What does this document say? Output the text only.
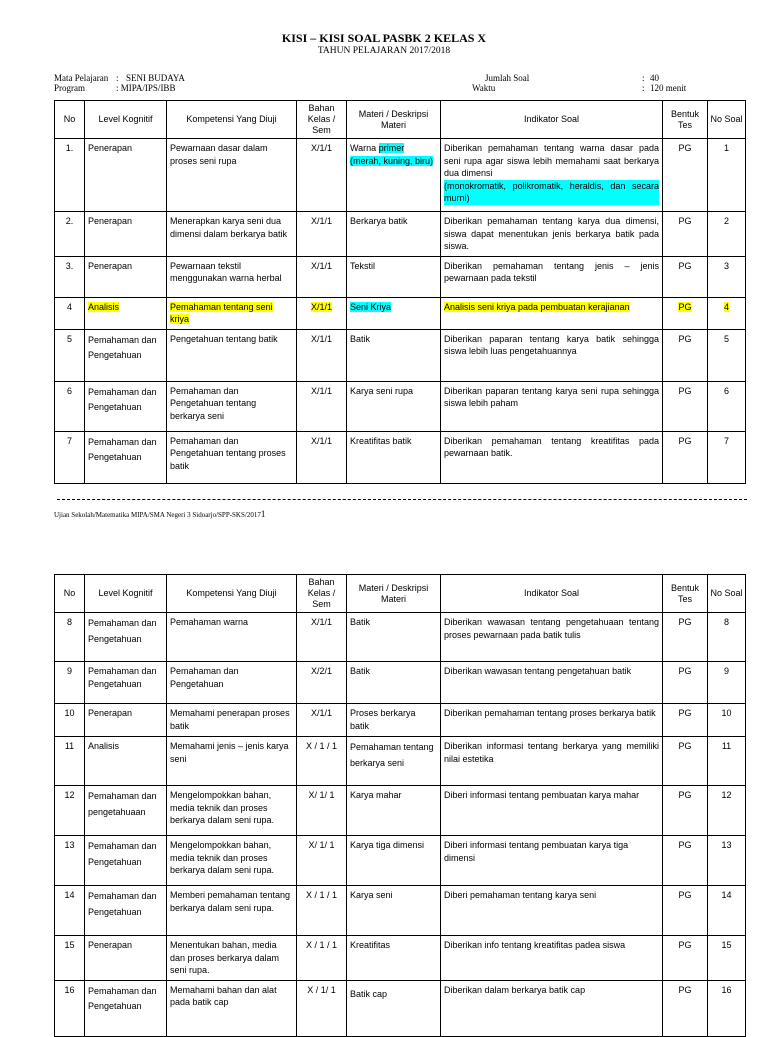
KISI – KISI SOAL PASBK 2 KELAS X
TAHUN PELAJARAN 2017/2018
Mata Pelajaran : SENI BUDAYA
Program	: MIPA/IPS/IBB
Jumlah Soal	: 40
Waktu	: 120 menit
No	Level Kognitif	Kompetensi Yang Diuji	Bahan Kelas / Sem	Materi / Deskripsi Materi	Indikator Soal	Bentuk Tes	No Soal
1.	Penerapan	Pewarnaan dasar dalam proses seni rupa	X/1/1	Warna primer (merah, kuning, biru)	Diberikan pemahaman tentang warna dasar pada seni rupa agar siswa lebih memahami saat berkarya dua dimensi
(monokromatik, polikromatik, heraldis, dan secara murni)	PG	1
2.	Penerapan	Menerapkan karya seni dua dimensi dalam berkarya batik	X/1/1	Berkarya batik	Diberikan pemahaman tentang karya dua dimensi, siswa dapat menentukan jenis berkarya batik pada siswa.	PG	2
3.	Penerapan	Pewarnaan tekstil menggunakan warna herbal	X/1/1	Tekstil	Diberikan pemahaman tentang jenis – jenis pewarnaan pada tekstil	PG	3
4	Analisis	Pemahaman tentang seni kriya	X/1/1	Seni Kriya	Analisis seni kriya pada pembuatan kerajianan	PG	4
5	Pemahaman dan Pengetahuan	Pengetahuan tentang batik	X/1/1	Batik	Diberikan paparan tentang karya batik sehingga siswa lebih luas pengetahuannya	PG	5
6	Pemahaman dan Pengetahuan	Pemahaman dan Pengetahuan tentang berkarya seni	X/1/1	Karya seni rupa	Diberikan paparan tentang karya seni rupa sehingga siswa lebih paham	PG	6
7	Pemahaman dan Pengetahuan	Pemahaman dan Pengetahuan tentang proses batik	X/1/1	Kreatifitas batik	Diberikan pemahaman tentang kreatifitas pada pewarnaan batik.	PG	7
Ujian Sekolah/Matematika MIPA/SMA Negeri 3 Sidoarjo/SPP-SKS/20171
No	Level Kognitif	Kompetensi Yang Diuji	Bahan Kelas / Sem	Materi / Deskripsi Materi	Indikator Soal	Bentuk Tes	No Soal
8	Pemahaman dan Pengetahuan	Pemahaman warna	X/1/1	Batik	Diberikan wawasan tentang pengetahuaan tentang proses pewarnaan pada batik tulis	PG	8
9	Pemahaman dan Pengetahuan	Pemahaman dan Pengetahuan	X/2/1	Batik	Diberikan wawasan tentang pengetahuan batik	PG	9
10	Penerapan	Memahami penerapan proses batik	X/1/1	Proses berkarya batik	Diberikan pemahaman tentang proses berkarya batik	PG	10
11	Analisis	Memahami jenis – jenis karya seni	X / 1 / 1	Pemahaman tentang berkarya seni	Diberikan informasi tentang berkarya yang memiliki nilai estetika	PG	11
12	Pemahaman dan pengetahuaan	Mengelompokkan bahan, media teknik dan proses berkarya dalam seni rupa.	X/ 1/ 1	Karya mahar	Diberi informasi tentang pembuatan karya mahar	PG	12
13	Pemahaman dan Pengetahuan	Mengelompokkan bahan, media teknik dan proses berkarya dalam seni rupa.	X/ 1/ 1	Karya tiga dimensi	Diberi informasi tentang pembuatan karya tiga dimensi	PG	13
14	Pemahaman dan Pengetahuan	Memberi pemahaman tentang berkarya dalam seni rupa.	X / 1 / 1	Karya seni	Diberi pemahaman tentang karya seni	PG	14
15	Penerapan	Menentukan bahan, media dan proses berkarya dalam seni rupa.	X / 1 / 1	Kreatifitas	Diberikan info tentang kreatifitas padea siswa	PG	15
16	Pemahaman dan Pengetahuan	Memahami bahan dan alat pada batik cap	X / 1/ 1	Batik cap	Diberikan dalam berkarya batik cap	PG	16
